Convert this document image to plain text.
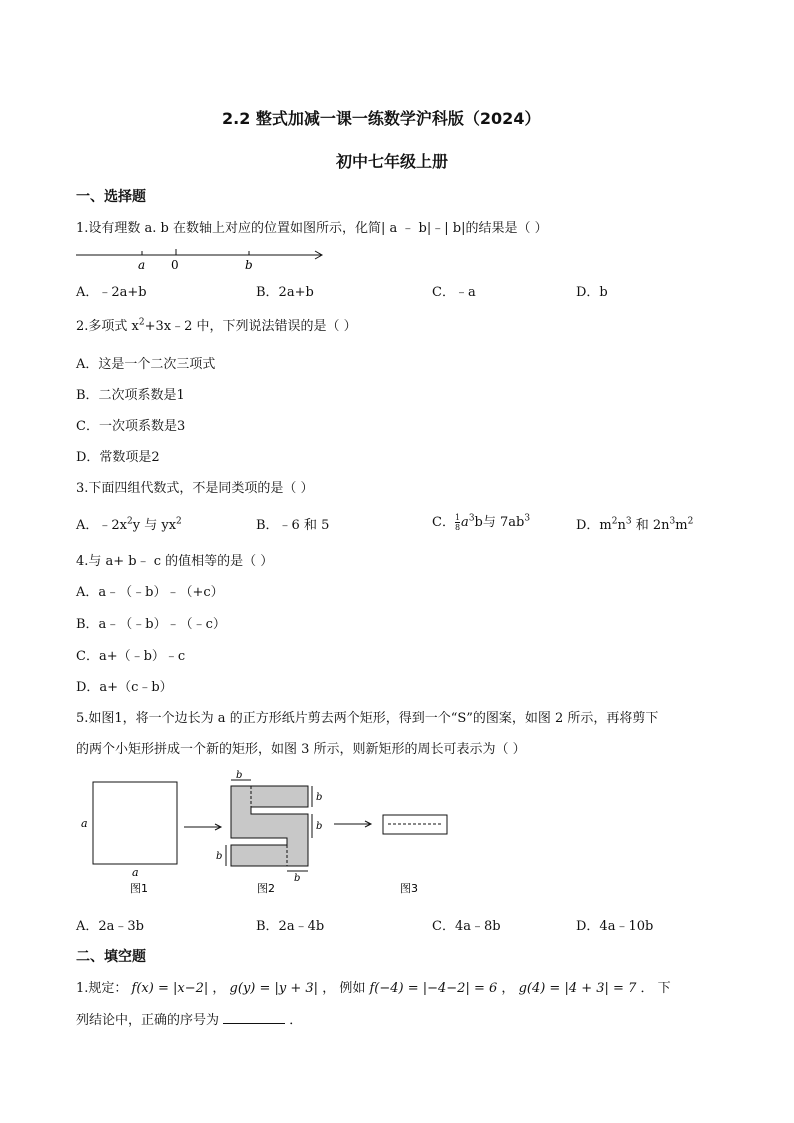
2.2 整式加减一课一练数学沪科版（2024）
初中七年级上册
一、选择题
1.设有理数 a. b 在数轴上对应的位置如图所示，化简| a ﹣ b|﹣| b|的结果是（ ）
a 0	b
A．﹣2a+b	B．2a+b	C．﹣a	D．b
2.多项式 $x^2+3x﹣2$ 中，下列说法错误的是（ ）
A．这是一个二次三项式
B．二次项系数是1
C．一次项系数是3
D．常数项是2
3.下面四组代数式，不是同类项的是（ ）
A．$﹣2x^2y$ 与 $yx^2$	B．﹣6 和 5	C． $\frac{1}{8} a^3b$与 $7ab^3$	D．$m^2n^3$ 和 $2n^3m^2$
4.与 a+ b﹣ c 的值相等的是（ ）
A．a﹣（﹣b）﹣（+c）
B．a﹣（﹣b）﹣（﹣c）
C．a+（﹣b）﹣c
D．a+（c﹣b）
5.如图1，将一个边长为 a 的正方形纸片剪去两个矩形，得到一个“S”的图案，如图 2 所示，再将剪下
的两个小矩形拼成一个新的矩形，如图 3 所示，则新矩形的周长可表示为（ ）
a
a
图1
b
b
b
b
b
图2	图3
A．2a﹣3b	B．2a﹣4b	C．4a﹣8b	D．4a﹣10b
二、填空题
1.规定： f(x) = |x−2| ， g(y) = |y + 3| ， 例如 f(−4) = |−4−2| = 6 ， g(4) = |4 + 3| = 7 ． 下
列结论中，正确的序号为	．
